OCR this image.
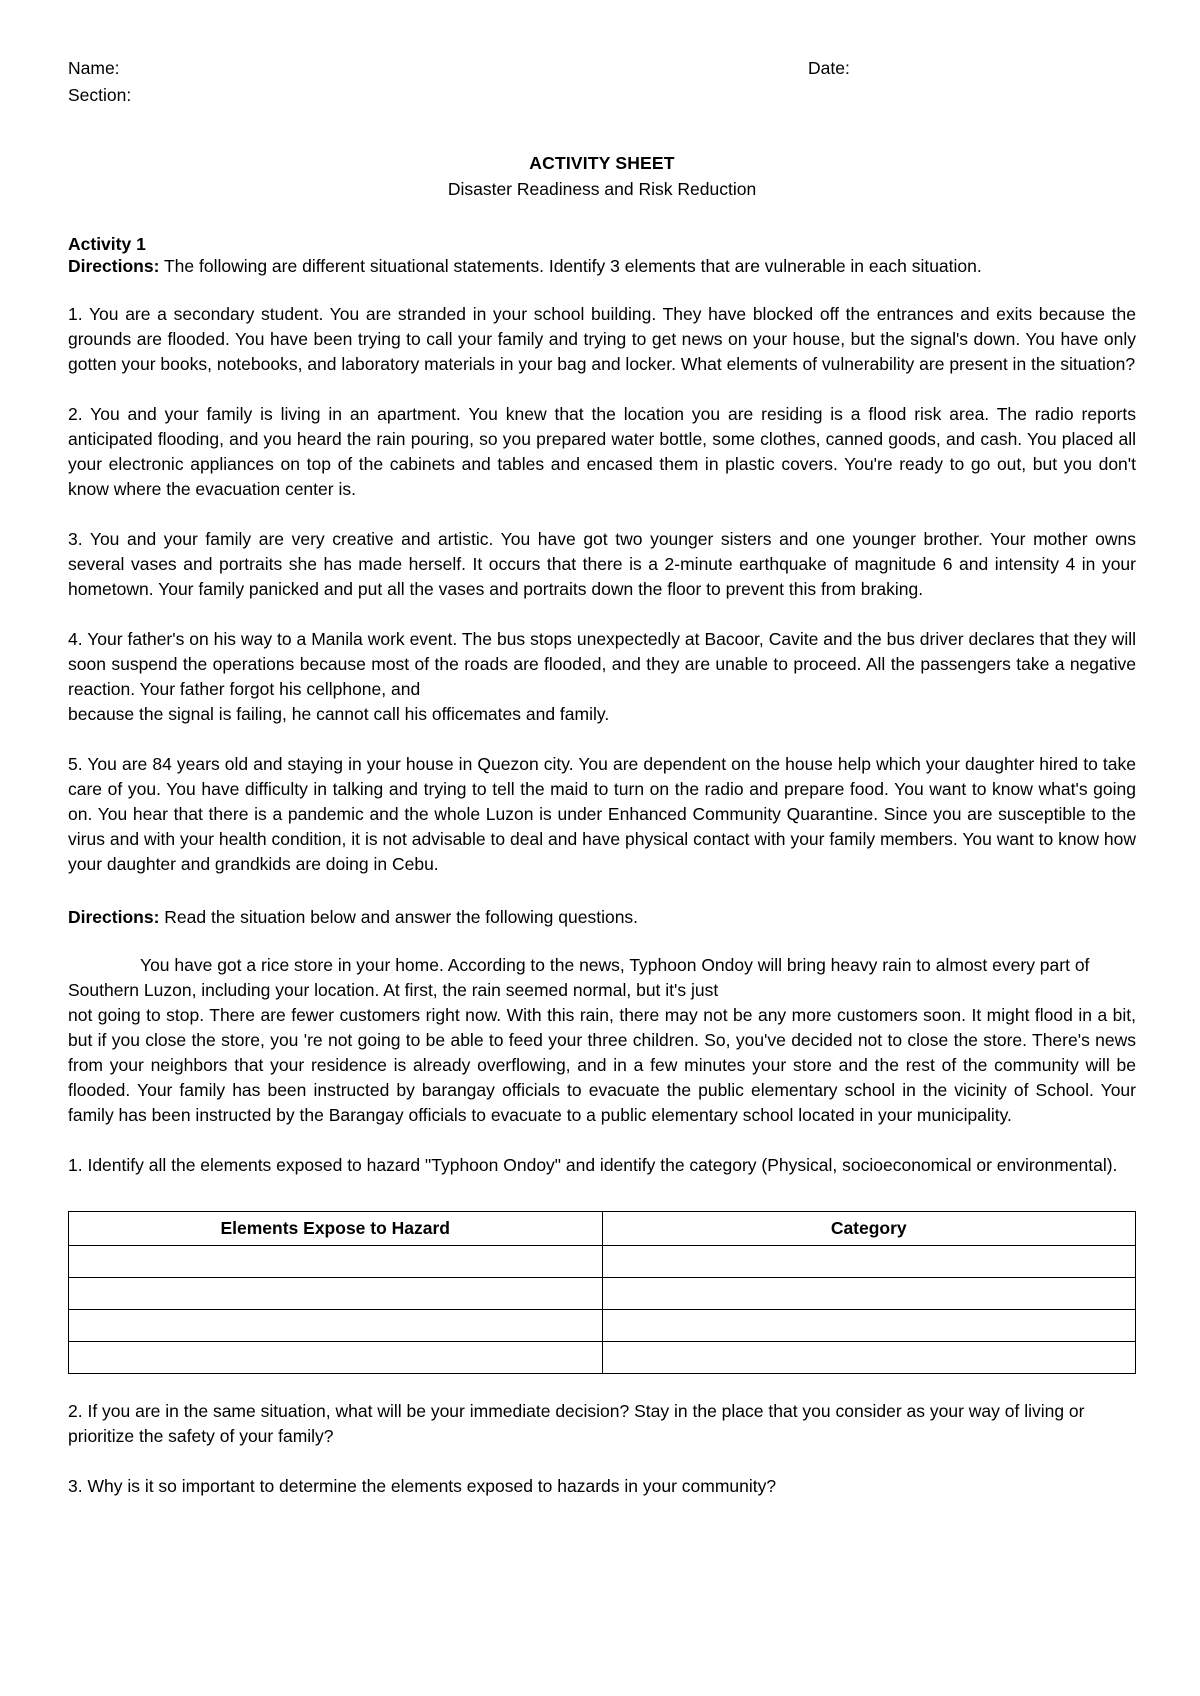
Name:	Date:
Section:
ACTIVITY SHEET
Disaster Readiness and Risk Reduction
Activity 1
Directions: The following are different situational statements. Identify 3 elements that are vulnerable in each situation.

1. You are a secondary student. You are stranded in your school building. They have blocked off the entrances and exits because the grounds are flooded. You have been trying to call your family and trying to get news on your house, but the signal's down. You have only gotten your books, notebooks, and laboratory materials in your bag and locker. What elements of vulnerability are present in the situation?

2. You and your family is living in an apartment. You knew that the location you are residing is a flood risk area. The radio reports anticipated flooding, and you heard the rain pouring, so you prepared water bottle, some clothes, canned goods, and cash. You placed all your electronic appliances on top of the cabinets and tables and encased them in plastic covers. You're ready to go out, but you don't know where the evacuation center is.

3. You and your family are very creative and artistic. You have got two younger sisters and one younger brother. Your mother owns several vases and portraits she has made herself. It occurs that there is a 2-minute earthquake of magnitude 6 and intensity 4 in your hometown. Your family panicked and put all the vases and portraits down the floor to prevent this from braking.

4. Your father's on his way to a Manila work event. The bus stops unexpectedly at Bacoor, Cavite and the bus driver declares that they will soon suspend the operations because most of the roads are flooded, and they are unable to proceed. All the passengers take a negative reaction. Your father forgot his cellphone, and

because the signal is failing, he cannot call his officemates and family.

5. You are 84 years old and staying in your house in Quezon city. You are dependent on the house help which your daughter hired to take care of you. You have difficulty in talking and trying to tell the maid to turn on the radio and prepare food. You want to know what's going on. You hear that there is a pandemic and the whole Luzon is under Enhanced Community Quarantine. Since you are susceptible to the virus and with your health condition, it is not advisable to deal and have physical contact with your family members. You want to know how your daughter and grandkids are doing in Cebu.

Directions: Read the situation below and answer the following questions.

You have got a rice store in your home. According to the news, Typhoon Ondoy will bring heavy rain to almost every part of Southern Luzon, including your location. At first, the rain seemed normal, but it's just

not going to stop. There are fewer customers right now. With this rain, there may not be any more customers soon. It might flood in a bit, but if you close the store, you 're not going to be able to feed your three children. So, you've decided not to close the store. There's news from your neighbors that your residence is already overflowing, and in a few minutes your store and the rest of the community will be flooded. Your family has been instructed by barangay officials to evacuate the public elementary school in the vicinity of School. Your family has been instructed by the Barangay officials to evacuate to a public elementary school located in your municipality.

1. Identify all the elements exposed to hazard "Typhoon Ondoy" and identify the category (Physical, socioeconomical or environmental).

Elements Expose to Hazard	Category

2. If you are in the same situation, what will be your immediate decision? Stay in the place that you consider as your way of living or prioritize the safety of your family?

3. Why is it so important to determine the elements exposed to hazards in your community?
